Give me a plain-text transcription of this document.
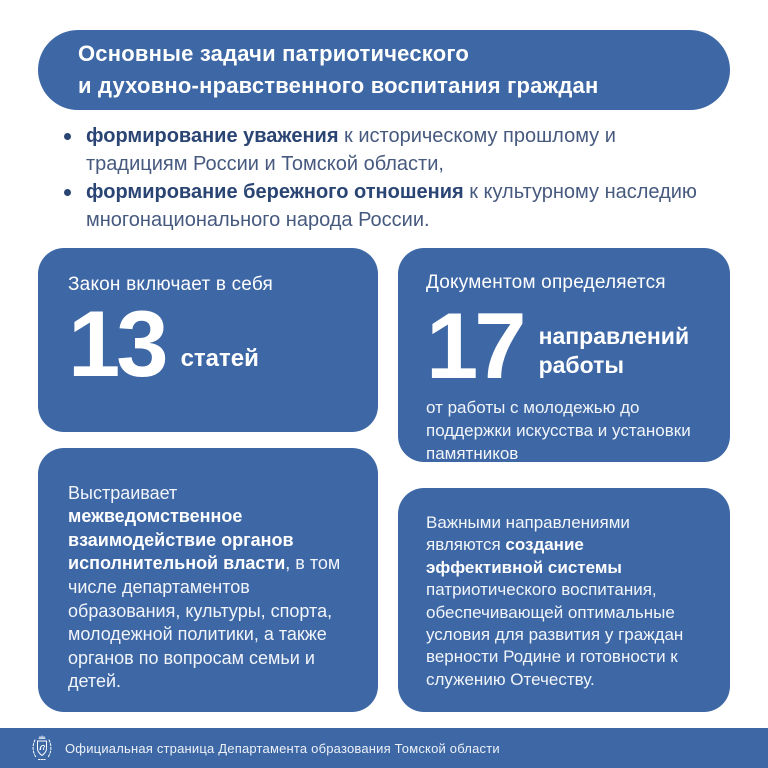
Основные задачи патриотического
и духовно-нравственного воспитания граждан
формирование уважения к историческому прошлому и традициям России и Томской области,
формирование бережного отношения к культурному наследию многонационального народа России.
Закон включает в себя
13 статей
Выстраивает межведомственное взаимодействие органов исполнительной власти, в том числе департаментов образования, культуры, спорта, молодежной политики, а также органов по вопросам семьи и детей.
Документом определяется
17 направлений работы
от работы с молодежью до поддержки искусства и установки памятников
Важными направлениями являются создание эффективной системы патриотического воспитания, обеспечивающей оптимальные условия для развития у граждан верности Родине и готовности к служению Отечеству.
Официальная страница Департамента образования Томской области
